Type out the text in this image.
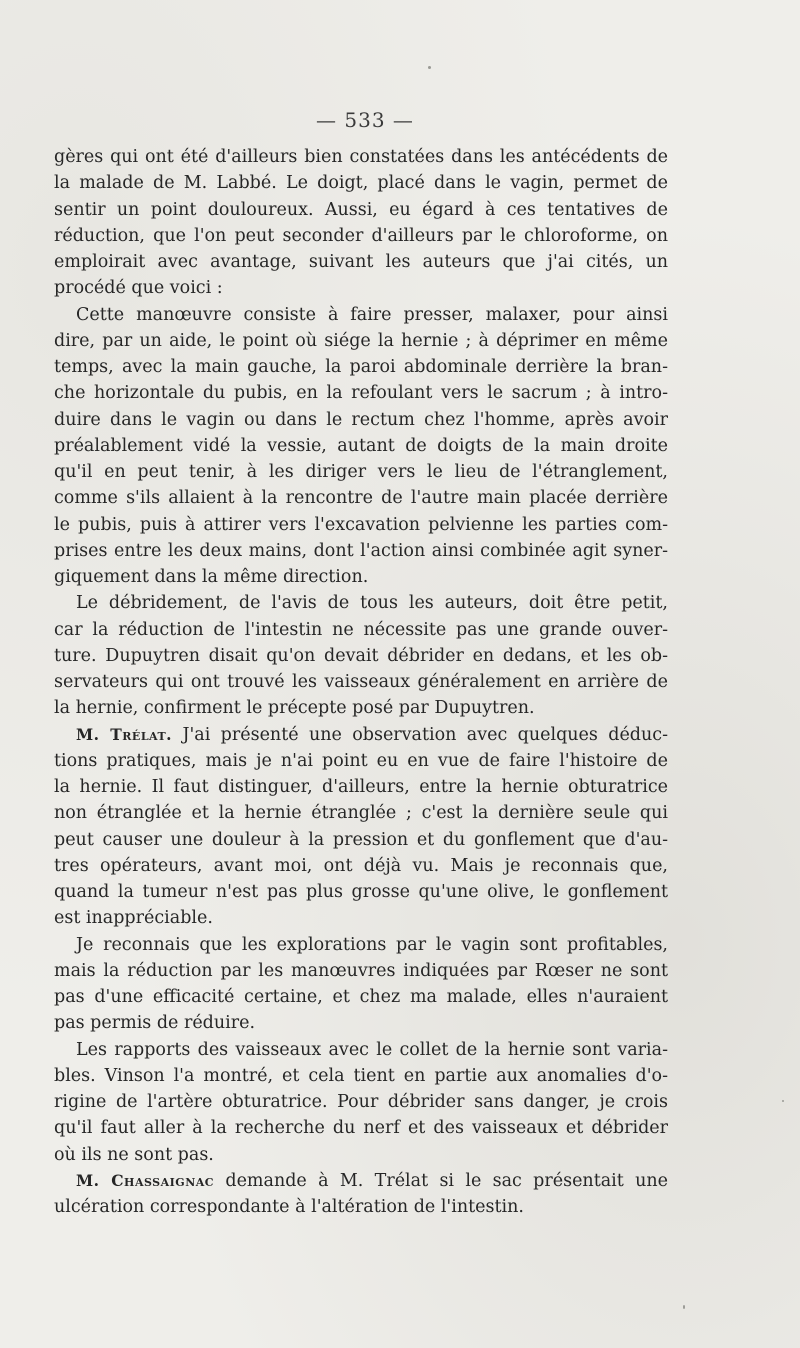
— 533 —
gères qui ont été d'ailleurs bien constatées dans les antécédents de
la malade de M. Labbé. Le doigt, placé dans le vagin, permet de
sentir un point douloureux. Aussi, eu égard à ces tentatives de
réduction, que l'on peut seconder d'ailleurs par le chloroforme, on
emploirait avec avantage, suivant les auteurs que j'ai cités, un
procédé que voici :
Cette manœuvre consiste à faire presser, malaxer, pour ainsi
dire, par un aide, le point où siége la hernie ; à déprimer en même
temps, avec la main gauche, la paroi abdominale derrière la bran-
che horizontale du pubis, en la refoulant vers le sacrum ; à intro-
duire dans le vagin ou dans le rectum chez l'homme, après avoir
préalablement vidé la vessie, autant de doigts de la main droite
qu'il en peut tenir, à les diriger vers le lieu de l'étranglement,
comme s'ils allaient à la rencontre de l'autre main placée derrière
le pubis, puis à attirer vers l'excavation pelvienne les parties com-
prises entre les deux mains, dont l'action ainsi combinée agit syner-
giquement dans la même direction.
Le débridement, de l'avis de tous les auteurs, doit être petit,
car la réduction de l'intestin ne nécessite pas une grande ouver-
ture. Dupuytren disait qu'on devait débrider en dedans, et les ob-
servateurs qui ont trouvé les vaisseaux généralement en arrière de
la hernie, confirment le précepte posé par Dupuytren.
M. Trélat. J'ai présenté une observation avec quelques déduc-
tions pratiques, mais je n'ai point eu en vue de faire l'histoire de
la hernie. Il faut distinguer, d'ailleurs, entre la hernie obturatrice
non étranglée et la hernie étranglée ; c'est la dernière seule qui
peut causer une douleur à la pression et du gonflement que d'au-
tres opérateurs, avant moi, ont déjà vu. Mais je reconnais que,
quand la tumeur n'est pas plus grosse qu'une olive, le gonflement
est inappréciable.
Je reconnais que les explorations par le vagin sont profitables,
mais la réduction par les manœuvres indiquées par Rœser ne sont
pas d'une efficacité certaine, et chez ma malade, elles n'auraient
pas permis de réduire.
Les rapports des vaisseaux avec le collet de la hernie sont varia-
bles. Vinson l'a montré, et cela tient en partie aux anomalies d'o-
rigine de l'artère obturatrice. Pour débrider sans danger, je crois
qu'il faut aller à la recherche du nerf et des vaisseaux et débrider
où ils ne sont pas.
M. Chassaignac demande à M. Trélat si le sac présentait une
ulcération correspondante à l'altération de l'intestin.
